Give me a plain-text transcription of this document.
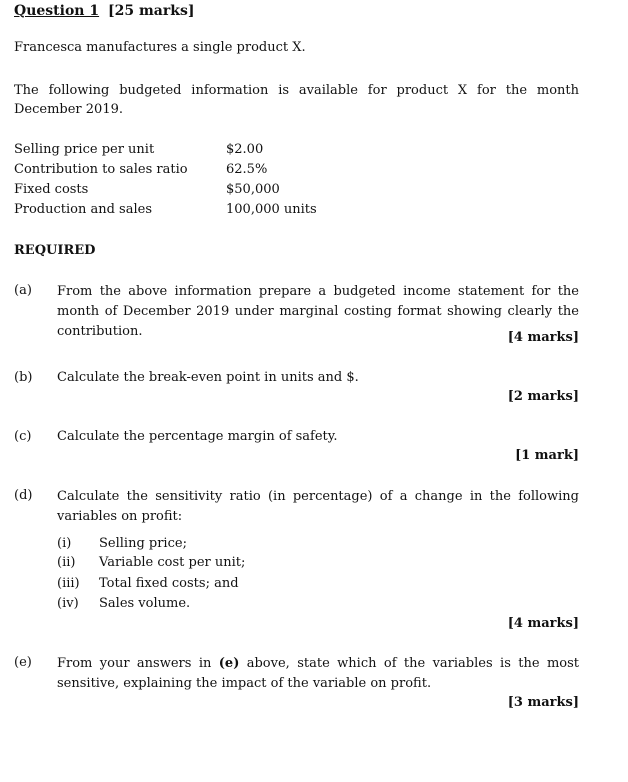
Question 1 [25 marks]
Francesca manufactures a single product X.
The following budgeted information is available for product X for the month December 2019.
Selling price per unit	$2.00
Contribution to sales ratio	62.5%
Fixed costs	$50,000
Production and sales	100,000 units
REQUIRED
(a) From the above information prepare a budgeted income statement for the month of December 2019 under marginal costing format showing clearly the contribution.	[4 marks]
(b) Calculate the break-even point in units and $.
[2 marks]
(c) Calculate the percentage margin of safety.
[1 mark]
(d) Calculate the sensitivity ratio (in percentage) of a change in the following variables on profit:
(i) Selling price;
(ii) Variable cost per unit;
(iii) Total fixed costs; and
(iv) Sales volume.
[4 marks]
(e) From your answers in (e) above, state which of the variables is the most sensitive, explaining the impact of the variable on profit.
[3 marks]
